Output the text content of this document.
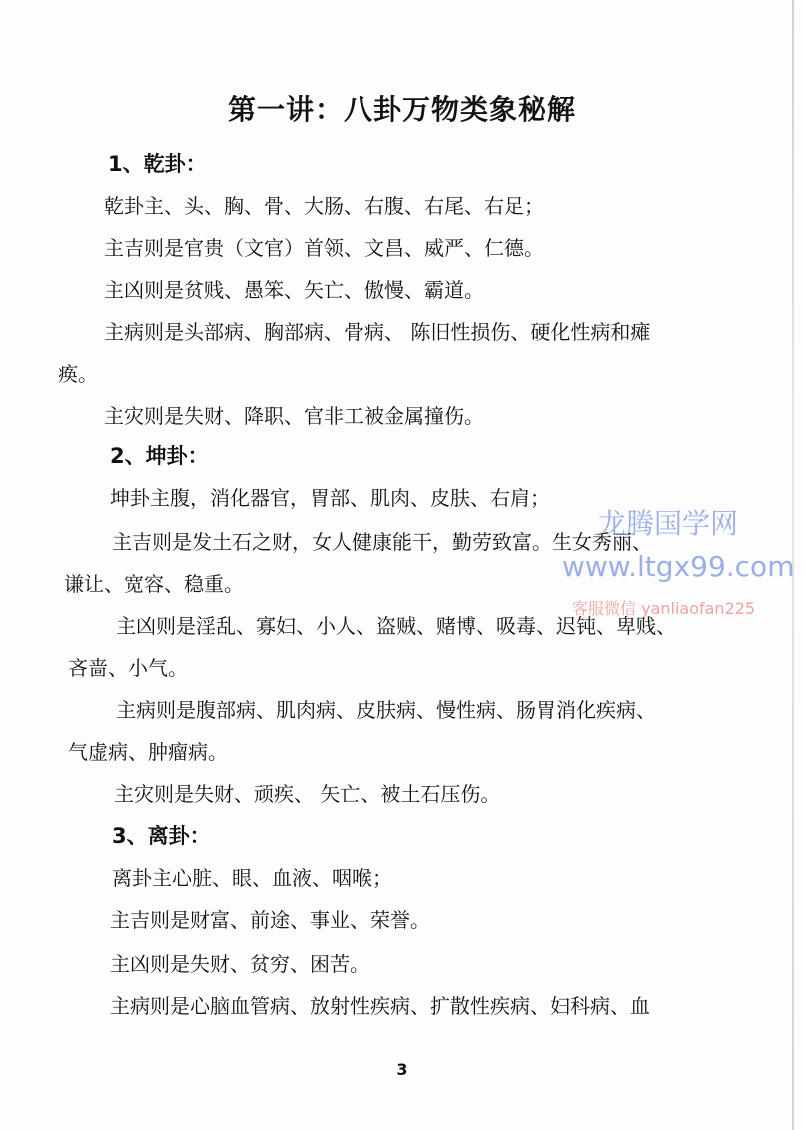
第一讲：八卦万物类象秘解
1、乾卦：
乾卦主、头、胸、骨、大肠、右腹、右尾、右足；
主吉则是官贵（文官）首领、文昌、威严、仁德。
主凶则是贫贱、愚笨、矢亡、傲慢、霸道。
主病则是头部病、胸部病、骨病、 陈旧性损伤、硬化性病和瘫
痪。
主灾则是失财、降职、官非工被金属撞伤。
2、坤卦：
坤卦主腹，消化器官，胃部、肌肉、皮肤、右肩；
主吉则是发土石之财，女人健康能干，勤劳致富。生女秀丽、
谦让、宽容、稳重。
主凶则是淫乱、寡妇、小人、盗贼、赌博、吸毒、迟钝、卑贱、
吝啬、小气。
主病则是腹部病、肌肉病、皮肤病、慢性病、肠胃消化疾病、
气虚病、肿瘤病。
主灾则是失财、顽疾、 矢亡、被土石压伤。
3、离卦：
离卦主心脏、眼、血液、咽喉；
主吉则是财富、前途、事业、荣誉。
主凶则是失财、贫穷、困苦。
主病则是心脑血管病、放射性疾病、扩散性疾病、妇科病、血
3
龙腾国学网
www.ltgx99.com
客服微信 yanliaofan225
